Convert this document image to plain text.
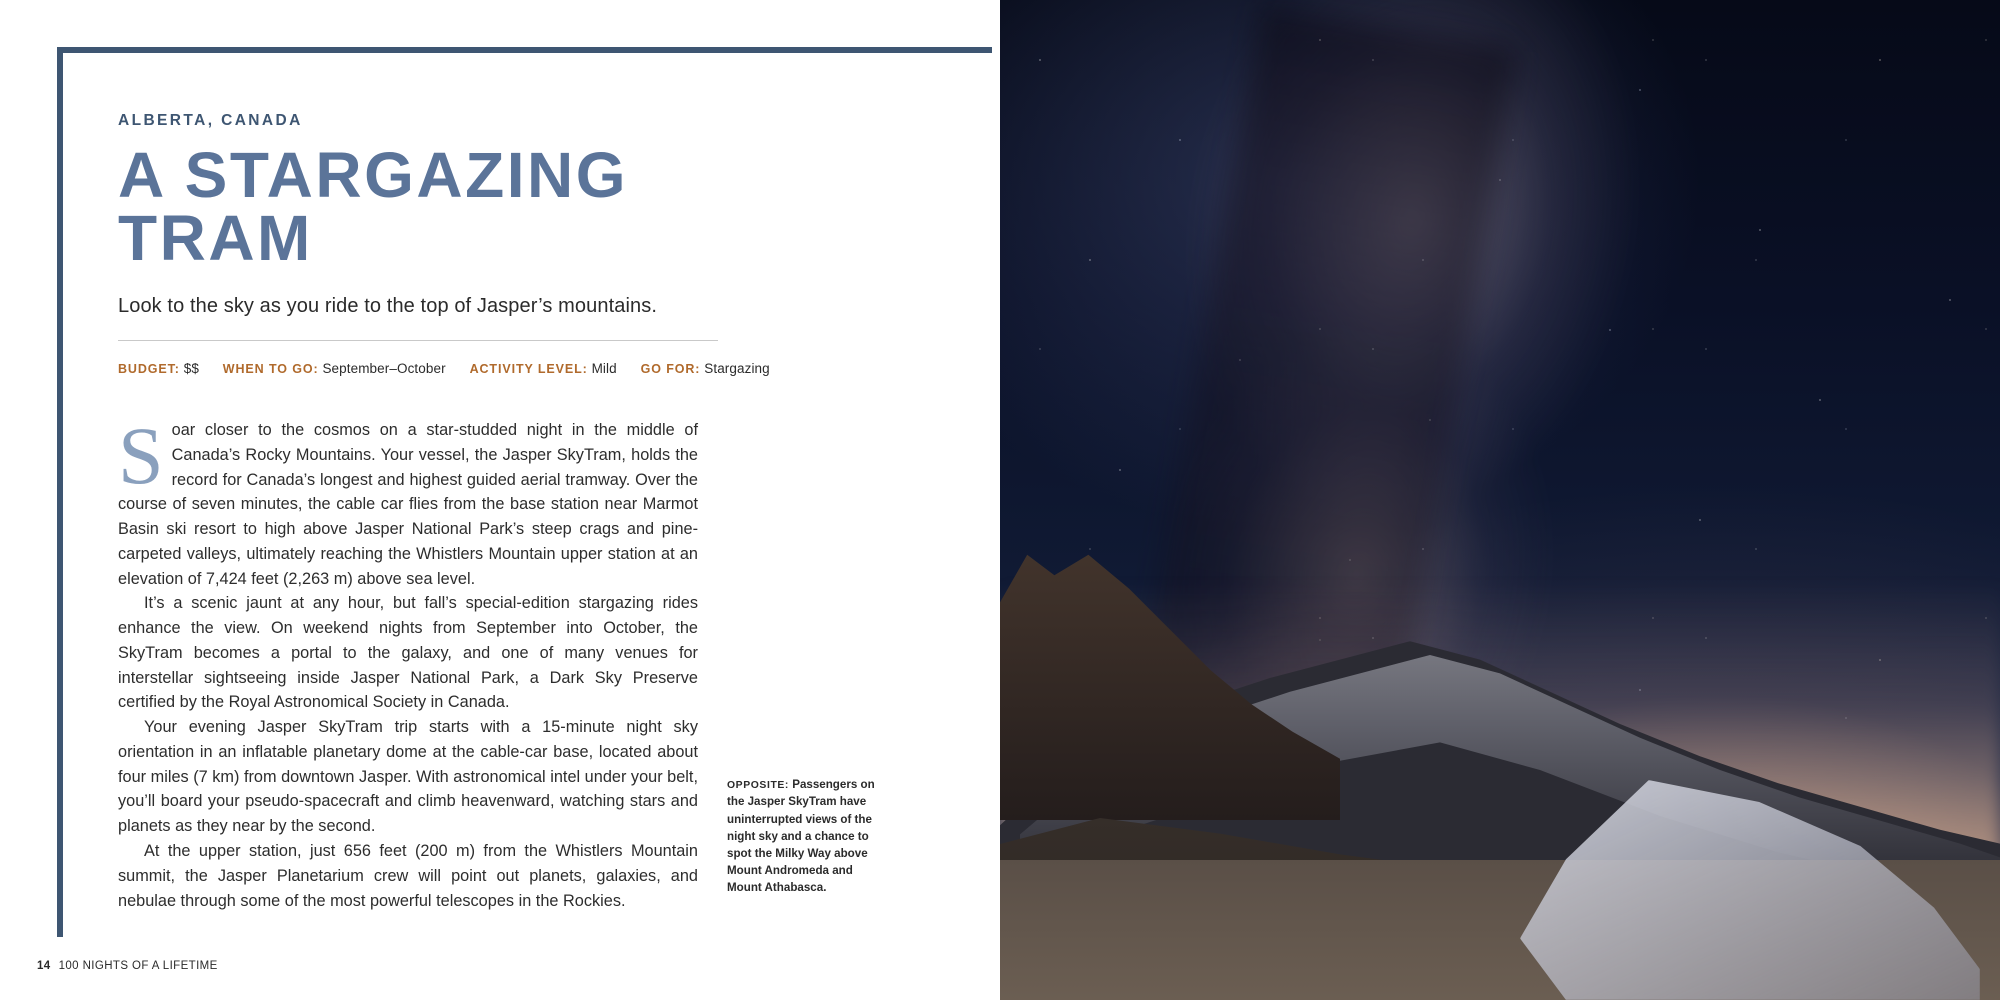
ALBERTA, CANADA
A STARGAZING TRAM
Look to the sky as you ride to the top of Jasper’s mountains.
BUDGET: $$ WHEN TO GO: September–October ACTIVITY LEVEL: Mild GO FOR: Stargazing

Soar closer to the cosmos on a star-studded night in the middle of Canada’s Rocky Mountains. Your vessel, the Jasper SkyTram, holds the record for Canada’s longest and highest guided aerial tramway. Over the course of seven minutes, the cable car flies from the base station near Marmot Basin ski resort to high above Jasper National Park’s steep crags and pine-carpeted valleys, ultimately reaching the Whistlers Mountain upper station at an elevation of 7,424 feet (2,263 m) above sea level.

It’s a scenic jaunt at any hour, but fall’s special-edition stargazing rides enhance the view. On weekend nights from September into October, the SkyTram becomes a portal to the galaxy, and one of many venues for interstellar sightseeing inside Jasper National Park, a Dark Sky Preserve certified by the Royal Astronomical Society in Canada.

Your evening Jasper SkyTram trip starts with a 15-minute night sky orientation in an inflatable planetary dome at the cable-car base, located about four miles (7 km) from downtown Jasper. With astronomical intel under your belt, you’ll board your pseudo-spacecraft and climb heavenward, watching stars and planets as they near by the second.

At the upper station, just 656 feet (200 m) from the Whistlers Mountain summit, the Jasper Planetarium crew will point out planets, galaxies, and nebulae through some of the most powerful telescopes in the Rockies.

OPPOSITE: Passengers on the Jasper SkyTram have uninterrupted views of the night sky and a chance to spot the Milky Way above Mount Andromeda and Mount Athabasca.
14 100 NIGHTS OF A LIFETIME
